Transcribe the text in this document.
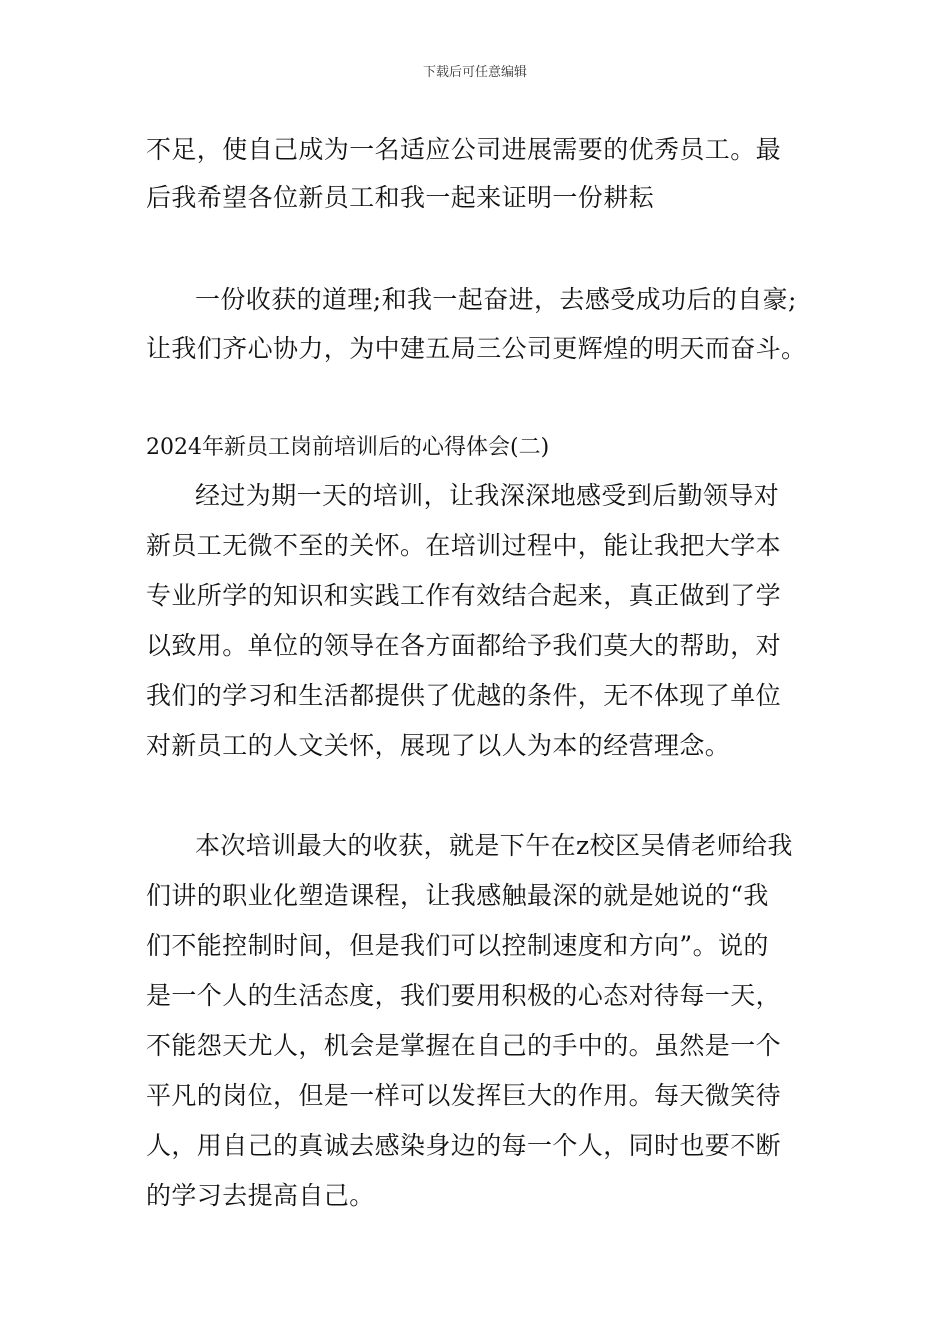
下载后可任意编辑
不足，使自己成为一名适应公司进展需要的优秀员工。最
后我希望各位新员工和我一起来证明一份耕耘
一份收获的道理;和我一起奋进，去感受成功后的自豪;
让我们齐心协力，为中建五局三公司更辉煌的明天而奋斗。
2024年新员工岗前培训后的心得体会(二)
经过为期一天的培训，让我深深地感受到后勤领导对
新员工无微不至的关怀。在培训过程中，能让我把大学本
专业所学的知识和实践工作有效结合起来，真正做到了学
以致用。单位的领导在各方面都给予我们莫大的帮助，对
我们的学习和生活都提供了优越的条件，无不体现了单位
对新员工的人文关怀，展现了以人为本的经营理念。
本次培训最大的收获，就是下午在z校区吴倩老师给我
们讲的职业化塑造课程，让我感触最深的就是她说的“我
们不能控制时间，但是我们可以控制速度和方向”。说的
是一个人的生活态度，我们要用积极的心态对待每一天，
不能怨天尤人，机会是掌握在自己的手中的。虽然是一个
平凡的岗位，但是一样可以发挥巨大的作用。每天微笑待
人，用自己的真诚去感染身边的每一个人，同时也要不断
的学习去提高自己。
